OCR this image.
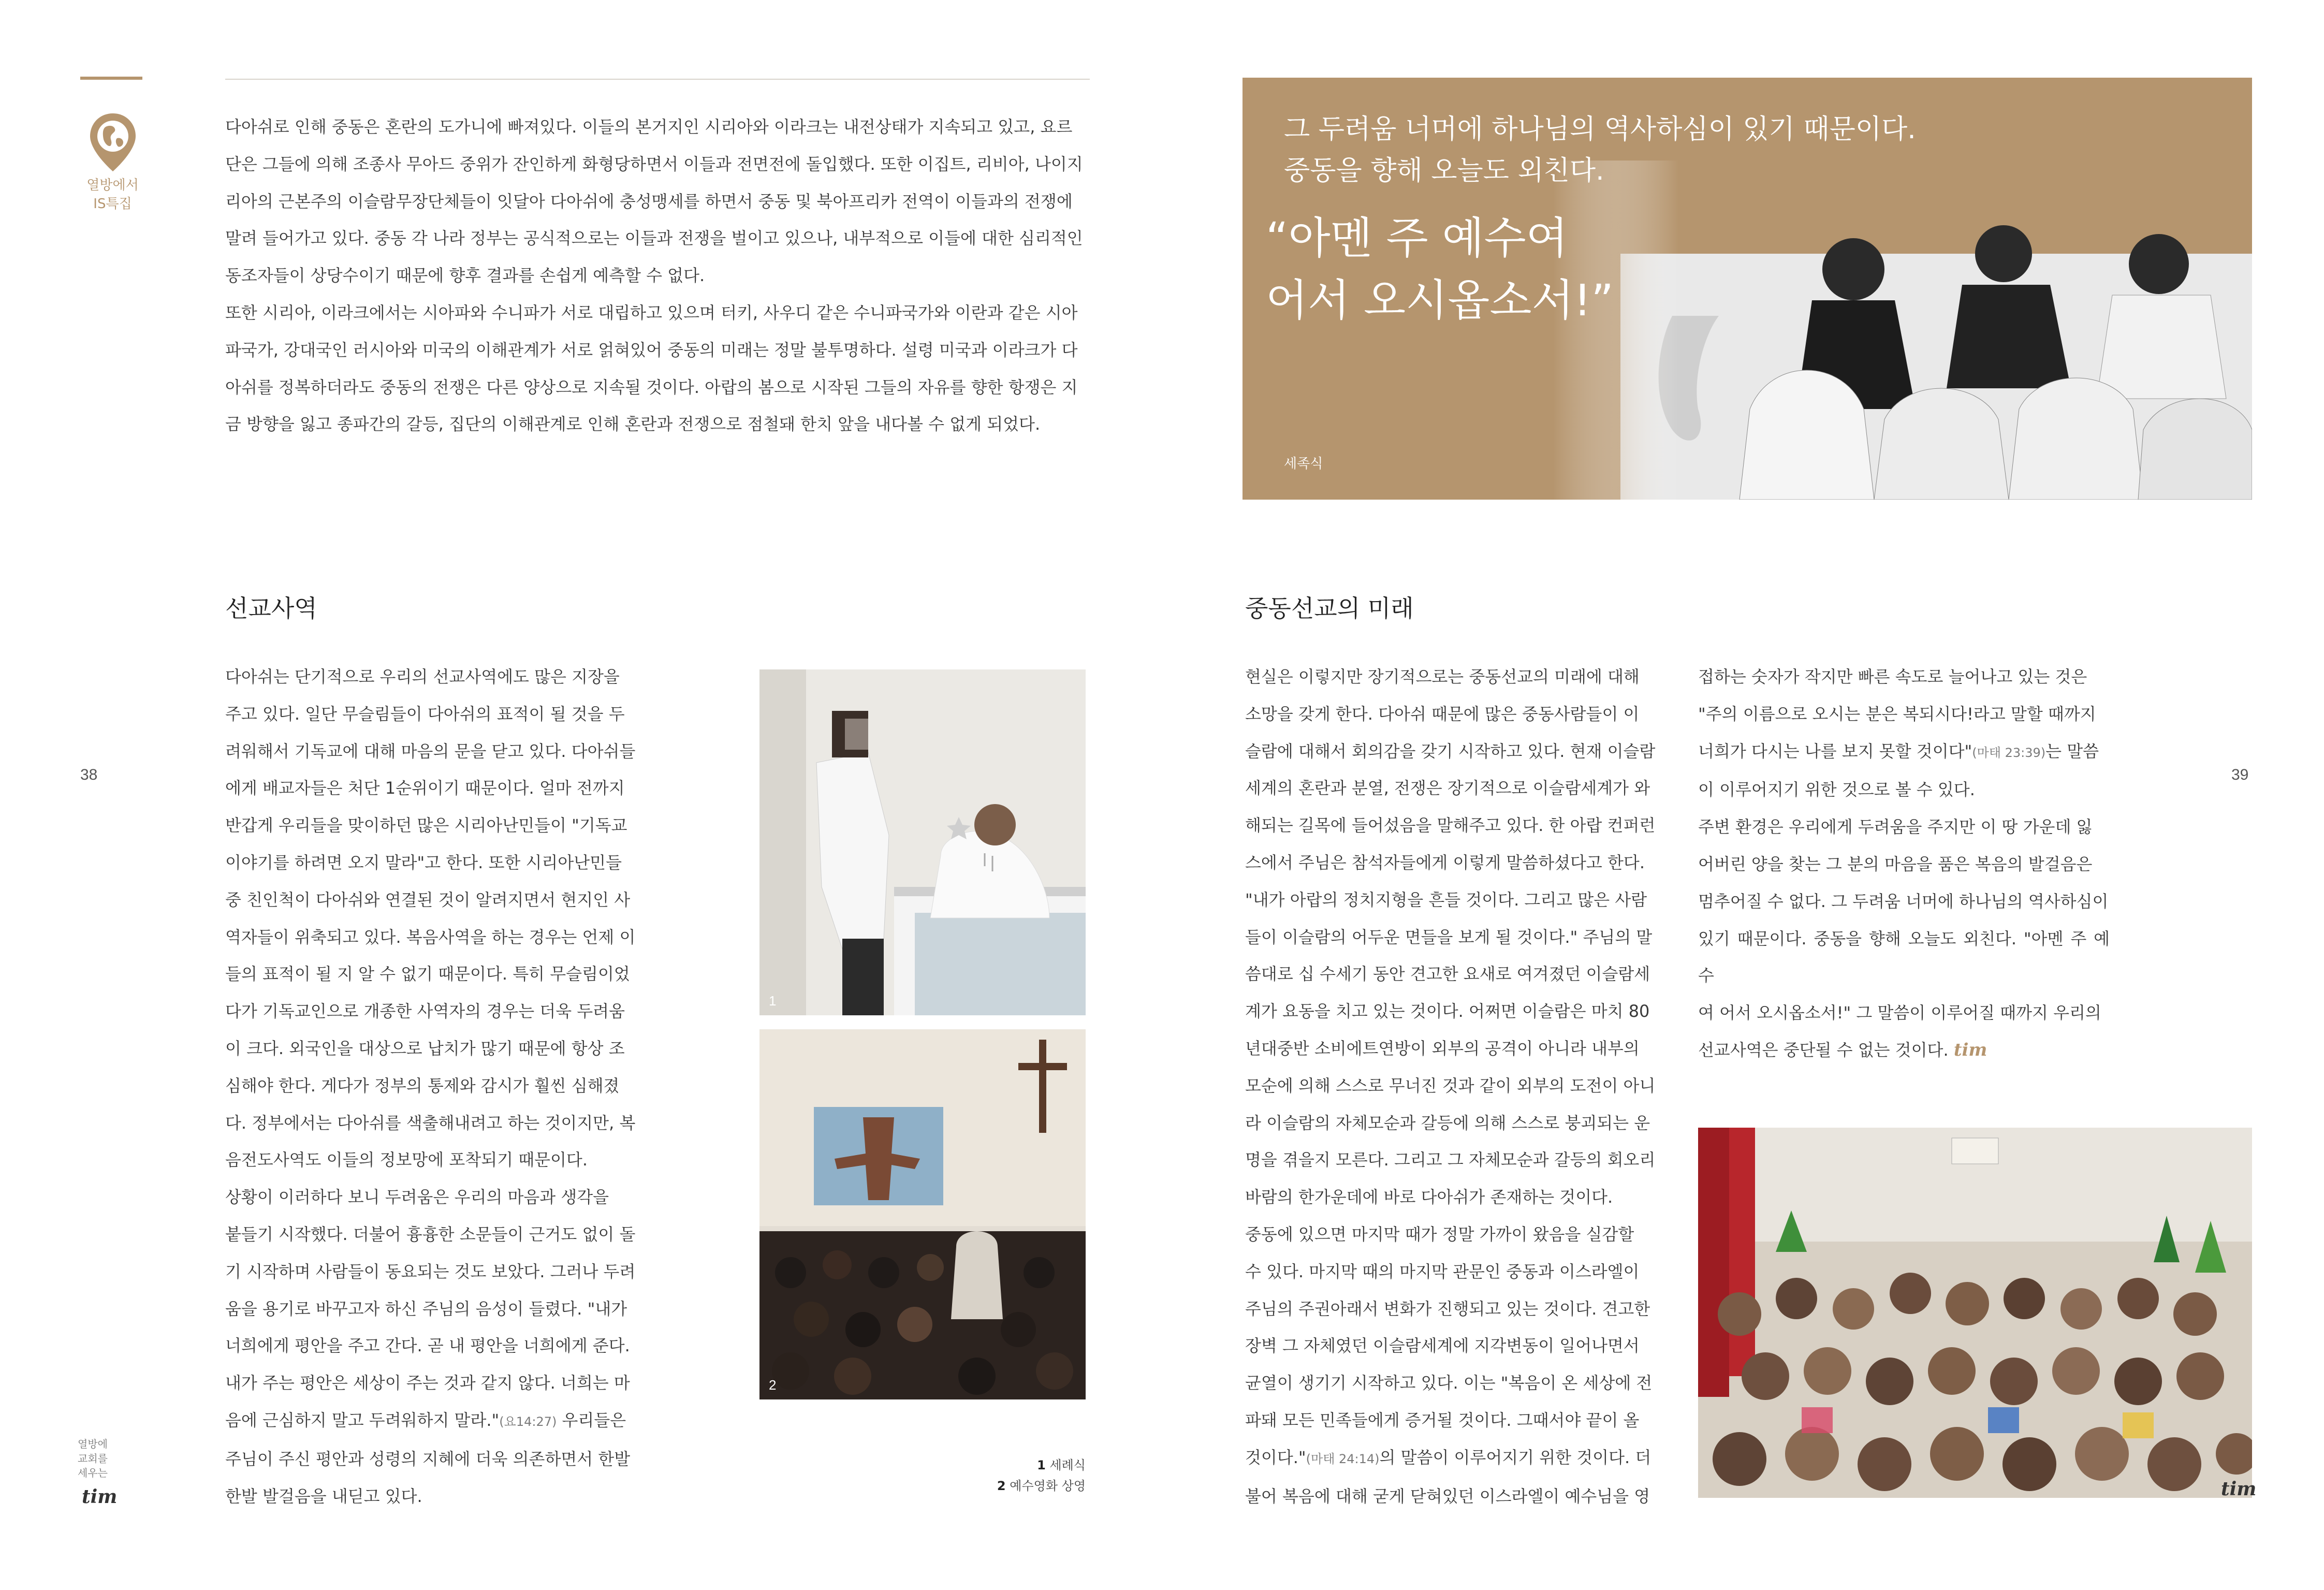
열방에서
IS특집
다아쉬로 인해 중동은 혼란의 도가니에 빠져있다. 이들의 본거지인 시리아와 이라크는 내전상태가 지속되고 있고, 요르
단은 그들에 의해 조종사 무아드 중위가 잔인하게 화형당하면서 이들과 전면전에 돌입했다. 또한 이집트, 리비아, 나이지
리아의 근본주의 이슬람무장단체들이 잇달아 다아쉬에 충성맹세를 하면서 중동 및 북아프리카 전역이 이들과의 전쟁에
말려 들어가고 있다. 중동 각 나라 정부는 공식적으로는 이들과 전쟁을 벌이고 있으나, 내부적으로 이들에 대한 심리적인
동조자들이 상당수이기 때문에 향후 결과를 손쉽게 예측할 수 없다.
또한 시리아, 이라크에서는 시아파와 수니파가 서로 대립하고 있으며 터키, 사우디 같은 수니파국가와 이란과 같은 시아
파국가, 강대국인 러시아와 미국의 이해관계가 서로 얽혀있어 중동의 미래는 정말 불투명하다. 설령 미국과 이라크가 다
아쉬를 정복하더라도 중동의 전쟁은 다른 양상으로 지속될 것이다. 아랍의 봄으로 시작된 그들의 자유를 향한 항쟁은 지
금 방향을 잃고 종파간의 갈등, 집단의 이해관계로 인해 혼란과 전쟁으로 점철돼 한치 앞을 내다볼 수 없게 되었다.
선교사역
다아쉬는 단기적으로 우리의 선교사역에도 많은 지장을
주고 있다. 일단 무슬림들이 다아쉬의 표적이 될 것을 두
려워해서 기독교에 대해 마음의 문을 닫고 있다. 다아쉬들
에게 배교자들은 처단 1순위이기 때문이다. 얼마 전까지
반갑게 우리들을 맞이하던 많은 시리아난민들이 "기독교
이야기를 하려면 오지 말라"고 한다. 또한 시리아난민들
중 친인척이 다아쉬와 연결된 것이 알려지면서 현지인 사
역자들이 위축되고 있다. 복음사역을 하는 경우는 언제 이
들의 표적이 될 지 알 수 없기 때문이다. 특히 무슬림이었
다가 기독교인으로 개종한 사역자의 경우는 더욱 두려움
이 크다. 외국인을 대상으로 납치가 많기 때문에 항상 조
심해야 한다. 게다가 정부의 통제와 감시가 훨씬 심해졌
다. 정부에서는 다아쉬를 색출해내려고 하는 것이지만, 복
음전도사역도 이들의 정보망에 포착되기 때문이다.
상황이 이러하다 보니 두려움은 우리의 마음과 생각을
붙들기 시작했다. 더불어 흉흉한 소문들이 근거도 없이 돌
기 시작하며 사람들이 동요되는 것도 보았다. 그러나 두려
움을 용기로 바꾸고자 하신 주님의 음성이 들렸다. "내가
너희에게 평안을 주고 간다. 곧 내 평안을 너희에게 준다.
내가 주는 평안은 세상이 주는 것과 같지 않다. 너희는 마
음에 근심하지 말고 두려워하지 말라."(요14:27) 우리들은
주님이 주신 평안과 성령의 지혜에 더욱 의존하면서 한발
한발 발걸음을 내딛고 있다.
1
2
1 세례식
2 예수영화 상영
38
열방에
교회를
세우는
tim
그 두려움 너머에 하나님의 역사하심이 있기 때문이다.
중동을 향해 오늘도 외친다.
“아멘 주 예수여
어서 오시옵소서!”
세족식
중동선교의 미래
현실은 이렇지만 장기적으로는 중동선교의 미래에 대해
소망을 갖게 한다. 다아쉬 때문에 많은 중동사람들이 이
슬람에 대해서 회의감을 갖기 시작하고 있다. 현재 이슬람
세계의 혼란과 분열, 전쟁은 장기적으로 이슬람세계가 와
해되는 길목에 들어섰음을 말해주고 있다. 한 아랍 컨퍼런
스에서 주님은 참석자들에게 이렇게 말씀하셨다고 한다.
"내가 아랍의 정치지형을 흔들 것이다. 그리고 많은 사람
들이 이슬람의 어두운 면들을 보게 될 것이다." 주님의 말
씀대로 십 수세기 동안 견고한 요새로 여겨졌던 이슬람세
계가 요동을 치고 있는 것이다. 어쩌면 이슬람은 마치 80
년대중반 소비에트연방이 외부의 공격이 아니라 내부의
모순에 의해 스스로 무너진 것과 같이 외부의 도전이 아니
라 이슬람의 자체모순과 갈등에 의해 스스로 붕괴되는 운
명을 겪을지 모른다. 그리고 그 자체모순과 갈등의 회오리
바람의 한가운데에 바로 다아쉬가 존재하는 것이다.
중동에 있으면 마지막 때가 정말 가까이 왔음을 실감할
수 있다. 마지막 때의 마지막 관문인 중동과 이스라엘이
주님의 주권아래서 변화가 진행되고 있는 것이다. 견고한
장벽 그 자체였던 이슬람세계에 지각변동이 일어나면서
균열이 생기기 시작하고 있다. 이는 "복음이 온 세상에 전
파돼 모든 민족들에게 증거될 것이다. 그때서야 끝이 올
것이다."(마태 24:14)의 말씀이 이루어지기 위한 것이다. 더
불어 복음에 대해 굳게 닫혀있던 이스라엘이 예수님을 영
접하는 숫자가 작지만 빠른 속도로 늘어나고 있는 것은
"주의 이름으로 오시는 분은 복되시다!라고 말할 때까지
너희가 다시는 나를 보지 못할 것이다"(마태 23:39)는 말씀
이 이루어지기 위한 것으로 볼 수 있다.
주변 환경은 우리에게 두려움을 주지만 이 땅 가운데 잃
어버린 양을 찾는 그 분의 마음을 품은 복음의 발걸음은
멈추어질 수 없다. 그 두려움 너머에 하나님의 역사하심이
있기 때문이다. 중동을 향해 오늘도 외친다. "아멘 주 예수
여 어서 오시옵소서!" 그 말씀이 이루어질 때까지 우리의
선교사역은 중단될 수 없는 것이다. tim
tim
39
